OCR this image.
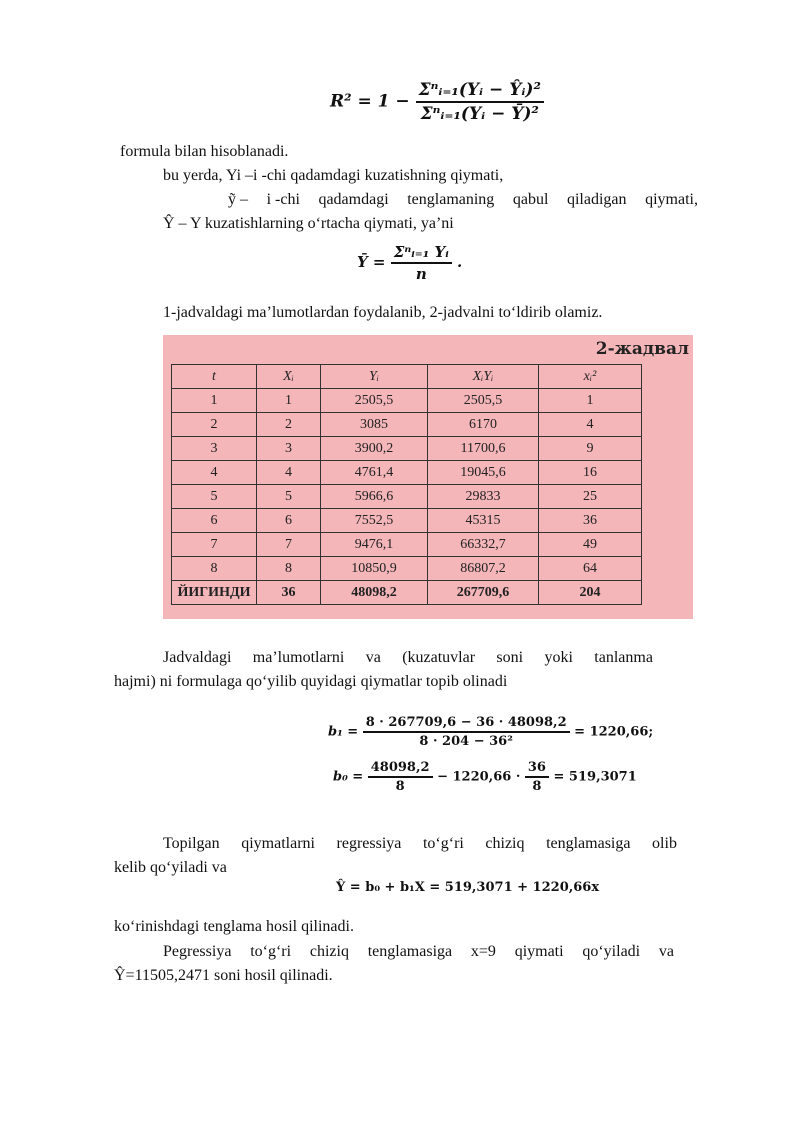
$R^2 = 1 - \frac{\text{Σⁿᵢ₌₁(Yᵢ − Ŷᵢ)²}}{\text{Σⁿᵢ₌₁(Yᵢ − Ȳ)²}}$
formula bilan hisoblanadi.
bu yerda, Yi –i -chi qadamdagi kuzatishning qiymati,
ỹ – i -chi qadamdagi tenglamaning qabul qiladigan qiymati,
Ŷ – Y kuzatishlarning o‘rtacha qiymati, ya’ni
Ȳ = $\frac{\text{Σⁿᵢ₌₁ Yᵢ}}{n}$ .
1-jadvaldagi ma’lumotlardan foydalanib, 2-jadvalni to‘ldirib olamiz.
2-жадвал
t	Xᵢ	Yᵢ	XᵢYᵢ	xᵢ²
1	1	2505,5	2505,5	1
2	2	3085	6170	4
3	3	3900,2	11700,6	9
4	4	4761,4	19045,6	16
5	5	5966,6	29833	25
6	6	7552,5	45315	36
7	7	9476,1	66332,7	49
8	8	10850,9	86807,2	64
ЙИГИНДИ	36	48098,2	267709,6	204
Jadvaldagi ma’lumotlarni va (kuzatuvlar soni yoki tanlanma
hajmi) ni formulaga qo‘yilib quyidagi qiymatlar topib olinadi
$b_1 = \frac{8 \cdot 267709,6 - 36 \cdot 48098,2}{\text{8 · 204 − 36²}} = 1220,66$;
$b_0 = \frac{48098,2}{8} - 1220,66 \cdot \frac{36}{8} = 519,3071$
Topilgan qiymatlarni regressiya to‘g‘ri chiziq tenglamasiga olib
kelib qo‘yiladi va
Ŷ = b₀ + b₁X = 519,3071 + 1220,66x
ko‘rinishdagi tenglama hosil qilinadi.
Pegressiya to‘g‘ri chiziq tenglamasiga x=9 qiymati qo‘yiladi va
Ŷ=11505,2471 soni hosil qilinadi.
